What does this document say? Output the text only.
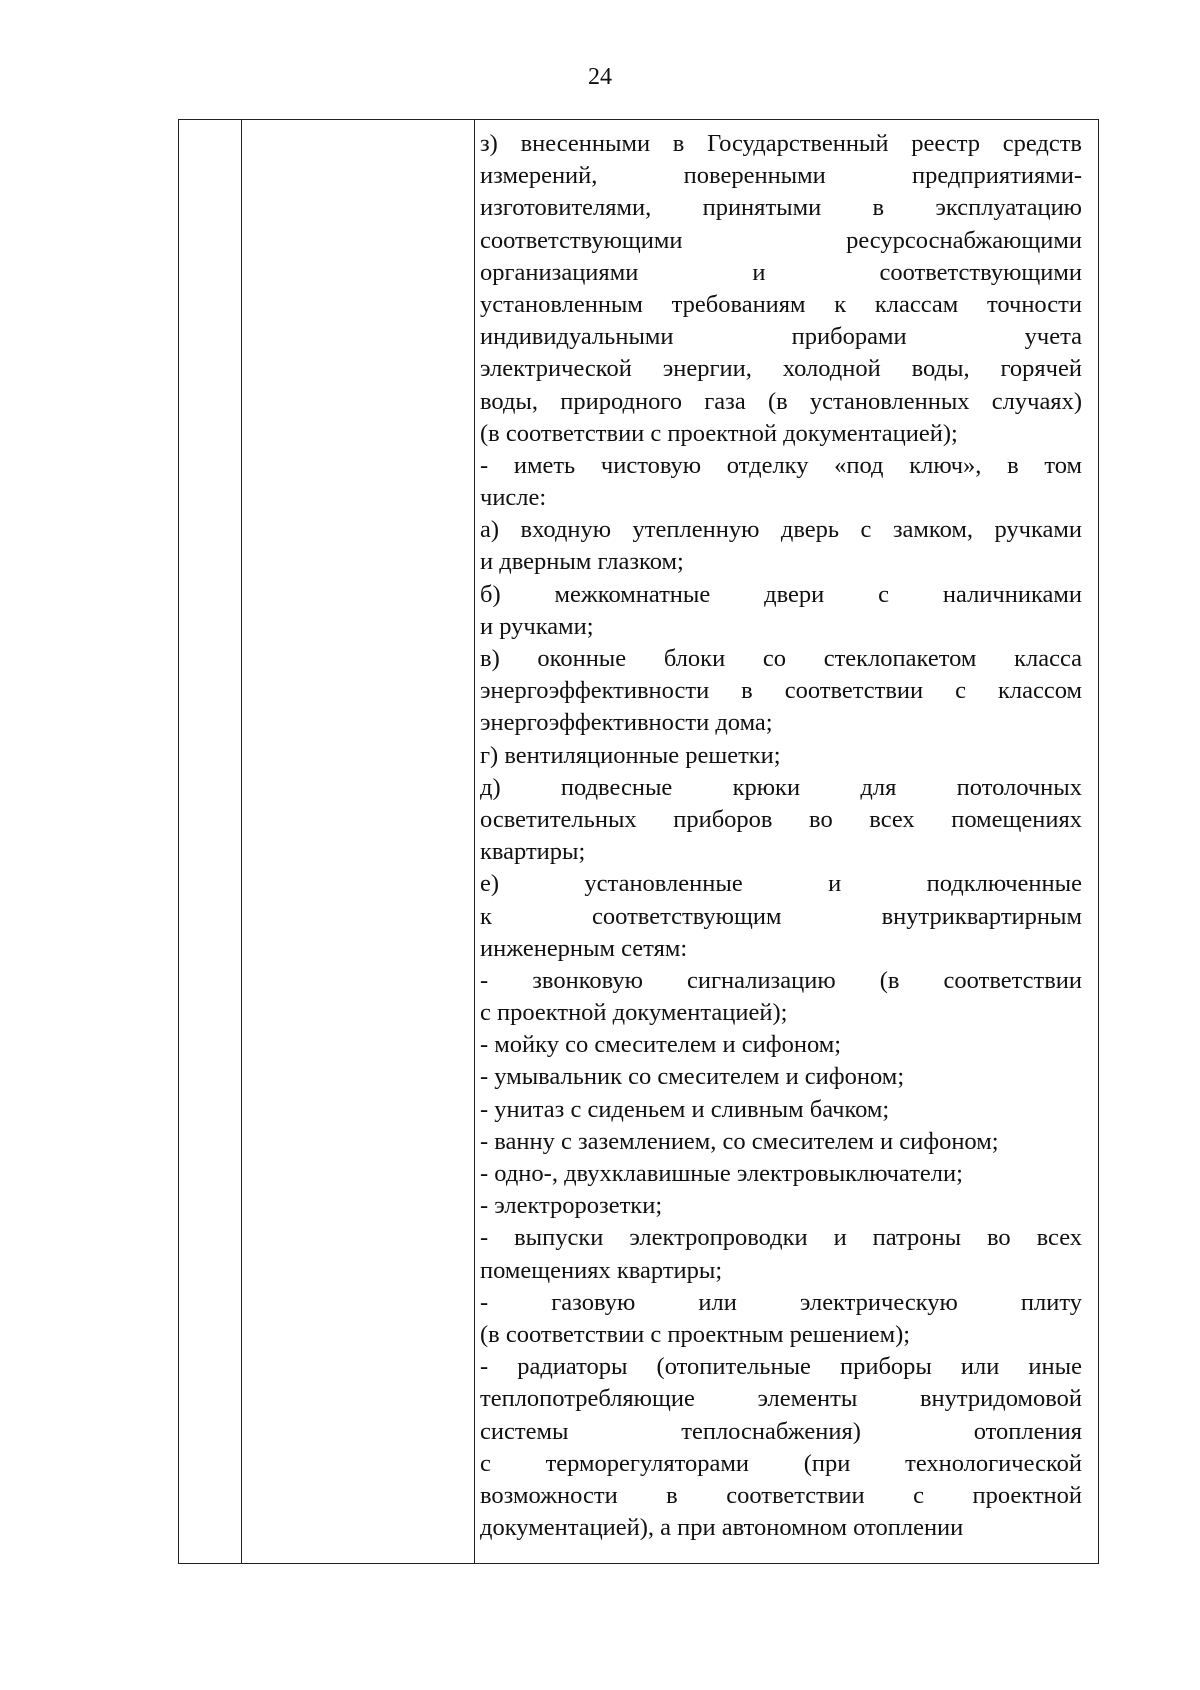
24

з) внесенными в Государственный реестр средств
измерений, поверенными предприятиями-
изготовителями, принятыми в эксплуатацию
соответствующими ресурсоснабжающими
организациями и соответствующими
установленным требованиям к классам точности
индивидуальными приборами учета
электрической энергии, холодной воды, горячей
воды, природного газа (в установленных случаях)
(в соответствии с проектной документацией);
- иметь чистовую отделку «под ключ», в том
числе:
а) входную утепленную дверь с замком, ручками
и дверным глазком;
б) межкомнатные двери с наличниками
и ручками;
в) оконные блоки со стеклопакетом класса
энергоэффективности в соответствии с классом
энергоэффективности дома;
г) вентиляционные решетки;
д) подвесные крюки для потолочных
осветительных приборов во всех помещениях
квартиры;
е) установленные и подключенные
к соответствующим внутриквартирным
инженерным сетям:
- звонковую сигнализацию (в соответствии
с проектной документацией);
- мойку со смесителем и сифоном;
- умывальник со смесителем и сифоном;
- унитаз с сиденьем и сливным бачком;
- ванну с заземлением, со смесителем и сифоном;
- одно-, двухклавишные электровыключатели;
- электророзетки;
- выпуски электропроводки и патроны во всех
помещениях квартиры;
- газовую или электрическую плиту
(в соответствии с проектным решением);
- радиаторы (отопительные приборы или иные
теплопотребляющие элементы внутридомовой
системы теплоснабжения) отопления
с терморегуляторами (при технологической
возможности в соответствии с проектной
документацией), а при автономном отоплении
